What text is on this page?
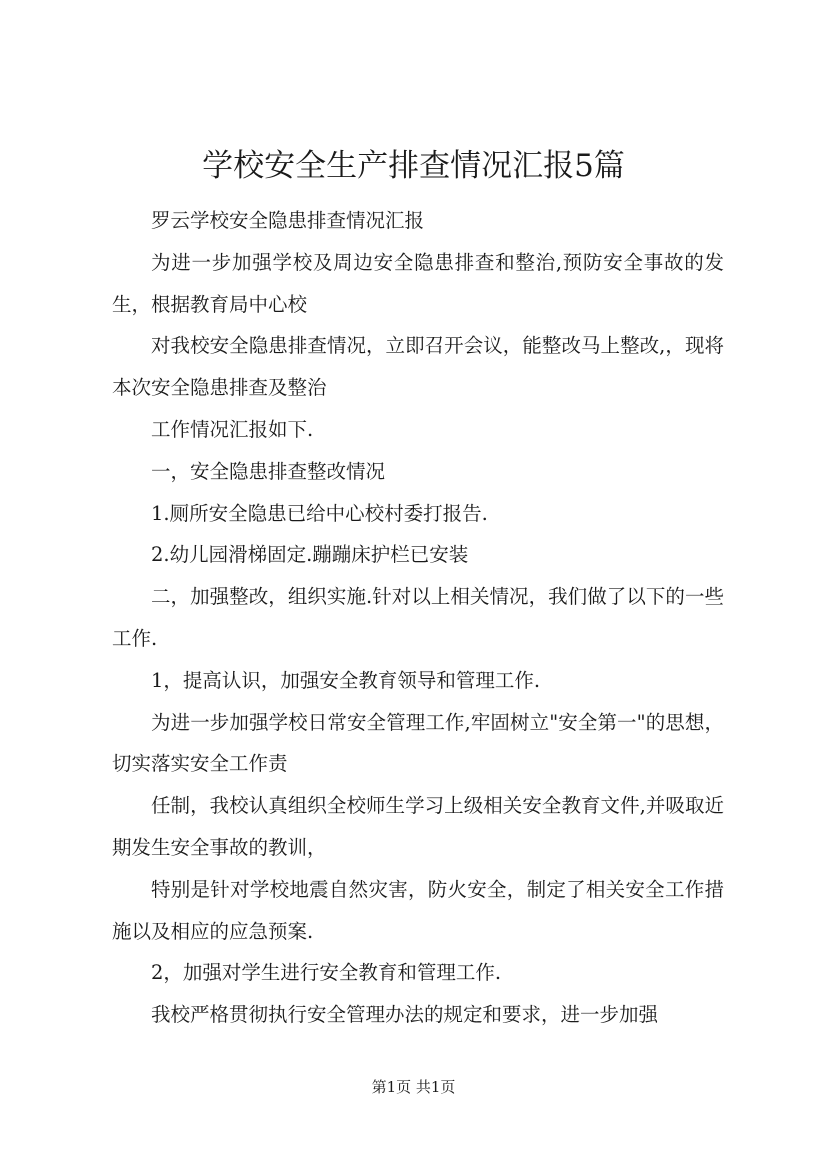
学校安全生产排查情况汇报5篇

罗云学校安全隐患排查情况汇报

为进一步加强学校及周边安全隐患排查和整治,预防安全事故的发生，根据教育局中心校

对我校安全隐患排查情况，立即召开会议，能整改马上整改,，现将本次安全隐患排查及整治

工作情况汇报如下.

一，安全隐患排查整改情况

1.厕所安全隐患已给中心校村委打报告.

2.幼儿园滑梯固定.蹦蹦床护栏已安装

二，加强整改，组织实施.针对以上相关情况，我们做了以下的一些工作.

1，提高认识，加强安全教育领导和管理工作.

为进一步加强学校日常安全管理工作,牢固树立"安全第一"的思想，切实落实安全工作责

任制，我校认真组织全校师生学习上级相关安全教育文件,并吸取近期发生安全事故的教训，

特别是针对学校地震自然灾害，防火安全，制定了相关安全工作措施以及相应的应急预案.

2，加强对学生进行安全教育和管理工作.

我校严格贯彻执行安全管理办法的规定和要求，进一步加强

第1页 共1页
